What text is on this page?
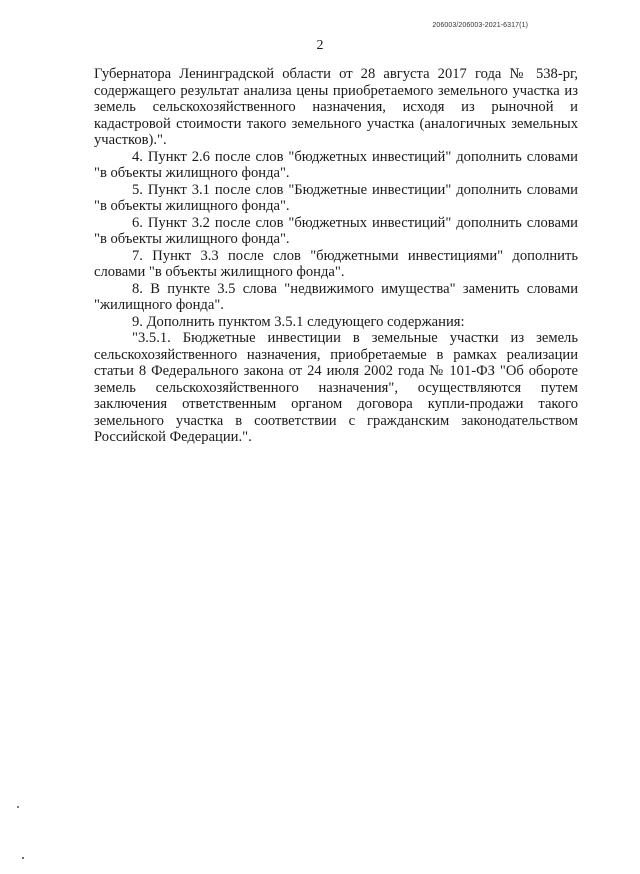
206003/206003-2021-6317(1)
2

Губернатора Ленинградской области от 28 августа 2017 года № 538-рг, содержащего результат анализа цены приобретаемого земельного участка из земель сельскохозяйственного назначения, исходя из рыночной и кадастровой стоимости такого земельного участка (аналогичных земельных участков).".

4. Пункт 2.6 после слов "бюджетных инвестиций" дополнить словами "в объекты жилищного фонда".

5. Пункт 3.1 после слов "Бюджетные инвестиции" дополнить словами "в объекты жилищного фонда".

6. Пункт 3.2 после слов "бюджетных инвестиций" дополнить словами "в объекты жилищного фонда".

7. Пункт 3.3 после слов "бюджетными инвестициями" дополнить словами "в объекты жилищного фонда".

8. В пункте 3.5 слова "недвижимого имущества" заменить словами "жилищного фонда".

9. Дополнить пунктом 3.5.1 следующего содержания:

"3.5.1. Бюджетные инвестиции в земельные участки из земель сельскохозяйственного назначения, приобретаемые в рамках реализации статьи 8 Федерального закона от 24 июля 2002 года № 101-ФЗ "Об обороте земель сельскохозяйственного назначения", осуществляются путем заключения ответственным органом договора купли-продажи такого земельного участка в соответствии с гражданским законодательством Российской Федерации.".
